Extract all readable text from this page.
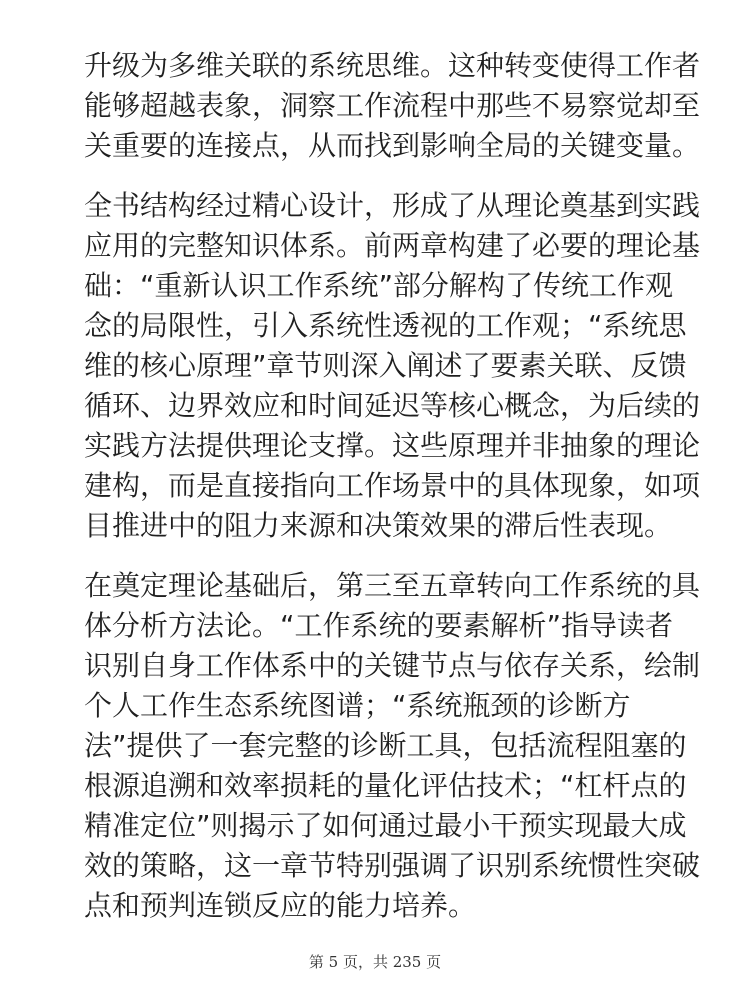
升级为多维关联的系统思维。这种转变使得工作者
能够超越表象，洞察工作流程中那些不易察觉却至
关重要的连接点，从而找到影响全局的关键变量。

全书结构经过精心设计，形成了从理论奠基到实践
应用的完整知识体系。前两章构建了必要的理论基
础：“重新认识工作系统”部分解构了传统工作观
念的局限性，引入系统性透视的工作观；“系统思
维的核心原理”章节则深入阐述了要素关联、反馈
循环、边界效应和时间延迟等核心概念，为后续的
实践方法提供理论支撑。这些原理并非抽象的理论
建构，而是直接指向工作场景中的具体现象，如项
目推进中的阻力来源和决策效果的滞后性表现。

在奠定理论基础后，第三至五章转向工作系统的具
体分析方法论。“工作系统的要素解析”指导读者
识别自身工作体系中的关键节点与依存关系，绘制
个人工作生态系统图谱；“系统瓶颈的诊断方
法”提供了一套完整的诊断工具，包括流程阻塞的
根源追溯和效率损耗的量化评估技术；“杠杆点的
精准定位”则揭示了如何通过最小干预实现最大成
效的策略，这一章节特别强调了识别系统惯性突破
点和预判连锁反应的能力培养。

第 5 页，共 235 页
